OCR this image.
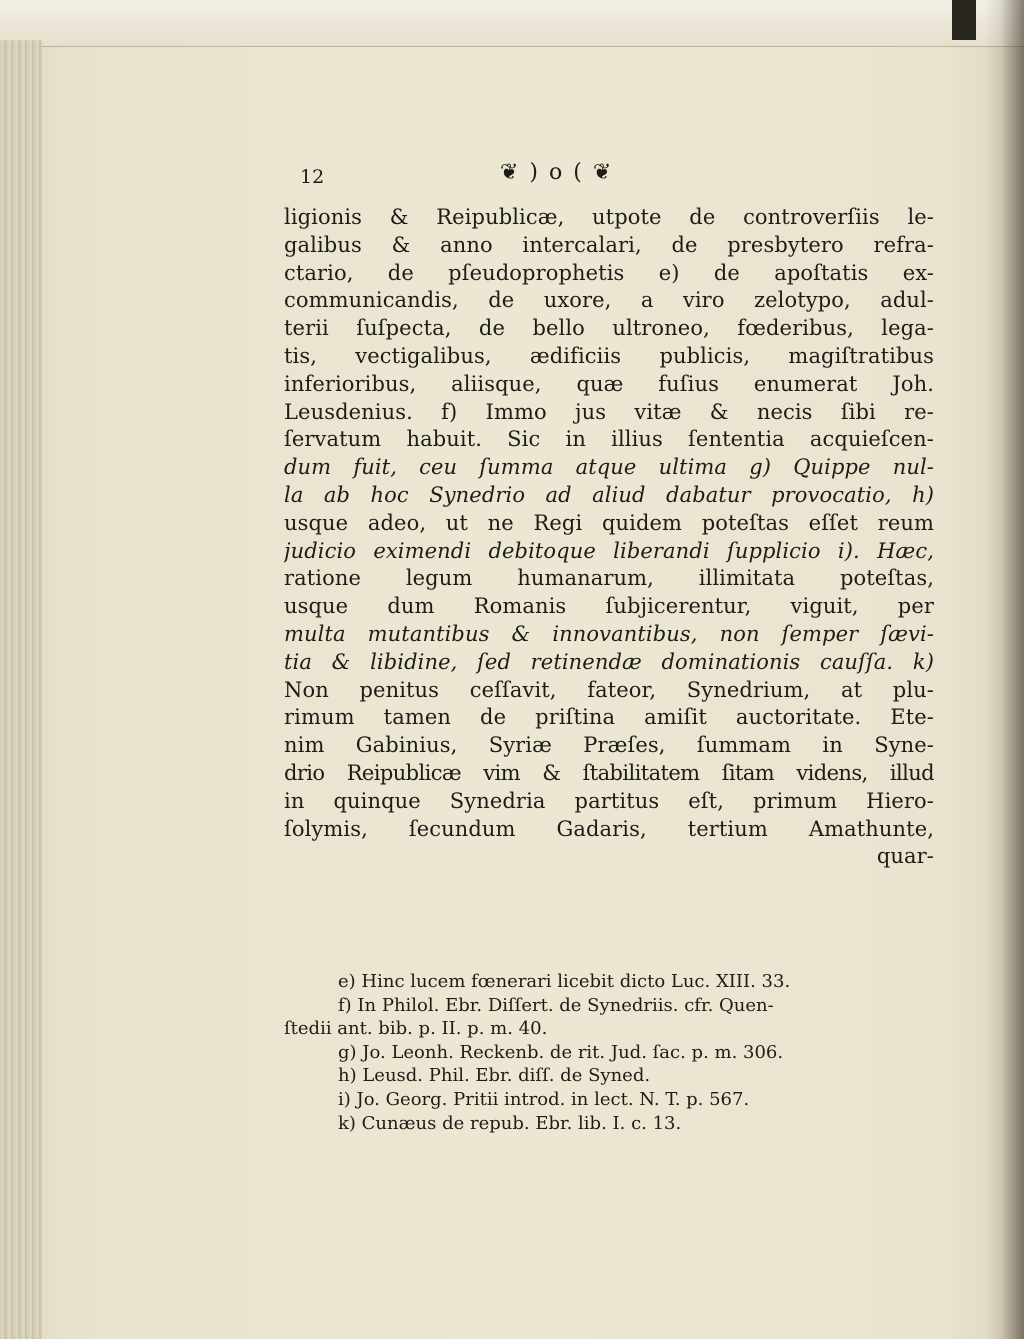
12	❦ ) o ( ❦
ligionis & Reipublicæ, utpote de controverſiis le-
galibus & anno intercalari, de presbytero refra-
ctario, de pſeudoprophetis e) de apoſtatis ex-
communicandis, de uxore, a viro zelotypo, adul-
terii ſuſpecta, de bello ultroneo, fœderibus, lega-
tis, vectigalibus, ædificiis publicis, magiſtratibus
inferioribus, aliisque, quæ fuſius enumerat Joh.
Leusdenius. f) Immo jus vitæ & necis ſibi re-
ſervatum habuit. Sic in illius ſententia acquieſcen-
dum fuit, ceu ſumma atque ultima g) Quippe nul-
la ab hoc Synedrio ad aliud dabatur provocatio, h)
usque adeo, ut ne Regi quidem poteſtas eſſet reum
judicio eximendi debitoque liberandi ſupplicio i). Hæc,
ratione legum humanarum, illimitata poteſtas,
usque dum Romanis ſubjicerentur, viguit, per
multa mutantibus & innovantibus, non ſemper ſævi-
tia & libidine, ſed retinendæ dominationis cauſſa. k)
Non penitus ceſſavit, fateor, Synedrium, at plu-
rimum tamen de priſtina amiſit auctoritate. Ete-
nim Gabinius, Syriæ Præſes, ſummam in Syne-
drio Reipublicæ vim & ſtabilitatem ſitam videns, illud
in quinque Synedria partitus eſt, primum Hiero-
ſolymis, ſecundum Gadaris, tertium Amathunte,
quar-
e) Hinc lucem fœnerari licebit dicto Luc. XIII. 33.
f) In Philol. Ebr. Diſſert. de Synedriis. cfr. Quen-
ſtedii ant. bib. p. II. p. m. 40.
g) Jo. Leonh. Reckenb. de rit. Jud. ſac. p. m. 306.
h) Leusd. Phil. Ebr. diſſ. de Syned.
i) Jo. Georg. Pritii introd. in lect. N. T. p. 567.
k) Cunæus de repub. Ebr. lib. I. c. 13.
